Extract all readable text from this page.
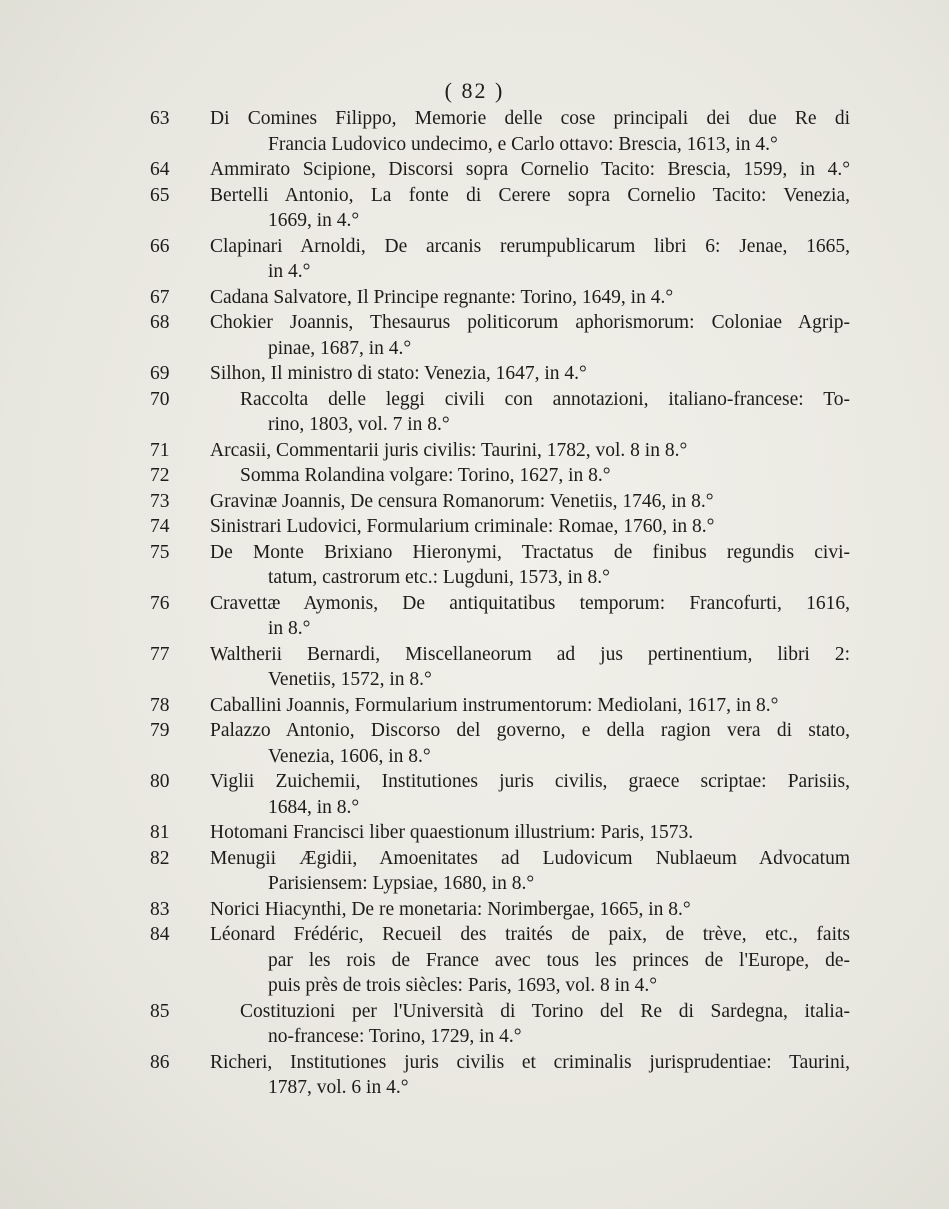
( 82 )
63	Di Comines Filippo, Memorie delle cose principali dei due Re di
Francia Ludovico undecimo, e Carlo ottavo: Brescia, 1613, in 4.°
64	Ammirato Scipione, Discorsi sopra Cornelio Tacito: Brescia, 1599, in 4.°
65	Bertelli Antonio, La fonte di Cerere sopra Cornelio Tacito: Venezia,
1669, in 4.°
66	Clapinari Arnoldi, De arcanis rerumpublicarum libri 6: Jenae, 1665,
in 4.°
67	Cadana Salvatore, Il Principe regnante: Torino, 1649, in 4.°
68	Chokier Joannis, Thesaurus politicorum aphorismorum: Coloniae Agrip-
pinae, 1687, in 4.°
69	Silhon, Il ministro di stato: Venezia, 1647, in 4.°
70	Raccolta delle leggi civili con annotazioni, italiano-francese: To-
rino, 1803, vol. 7 in 8.°
71	Arcasii, Commentarii juris civilis: Taurini, 1782, vol. 8 in 8.°
72	Somma Rolandina volgare: Torino, 1627, in 8.°
73	Gravinæ Joannis, De censura Romanorum: Venetiis, 1746, in 8.°
74	Sinistrari Ludovici, Formularium criminale: Romae, 1760, in 8.°
75	De Monte Brixiano Hieronymi, Tractatus de finibus regundis civi-
tatum, castrorum etc.: Lugduni, 1573, in 8.°
76	Cravettæ Aymonis, De antiquitatibus temporum: Francofurti, 1616,
in 8.°
77	Waltherii Bernardi, Miscellaneorum ad jus pertinentium, libri 2:
Venetiis, 1572, in 8.°
78	Caballini Joannis, Formularium instrumentorum: Mediolani, 1617, in 8.°
79	Palazzo Antonio, Discorso del governo, e della ragion vera di stato,
Venezia, 1606, in 8.°
80	Viglii Zuichemii, Institutiones juris civilis, graece scriptae: Parisiis,
1684, in 8.°
81	Hotomani Francisci liber quaestionum illustrium: Paris, 1573.
82	Menugii Ægidii, Amoenitates ad Ludovicum Nublaeum Advocatum
Parisiensem: Lypsiae, 1680, in 8.°
83	Norici Hiacynthi, De re monetaria: Norimbergae, 1665, in 8.°
84	Léonard Frédéric, Recueil des traités de paix, de trève, etc., faits
par les rois de France avec tous les princes de l'Europe, de-
puis près de trois siècles: Paris, 1693, vol. 8 in 4.°
85	Costituzioni per l'Università di Torino del Re di Sardegna, italia-
no-francese: Torino, 1729, in 4.°
86	Richeri, Institutiones juris civilis et criminalis jurisprudentiae: Taurini,
1787, vol. 6 in 4.°
